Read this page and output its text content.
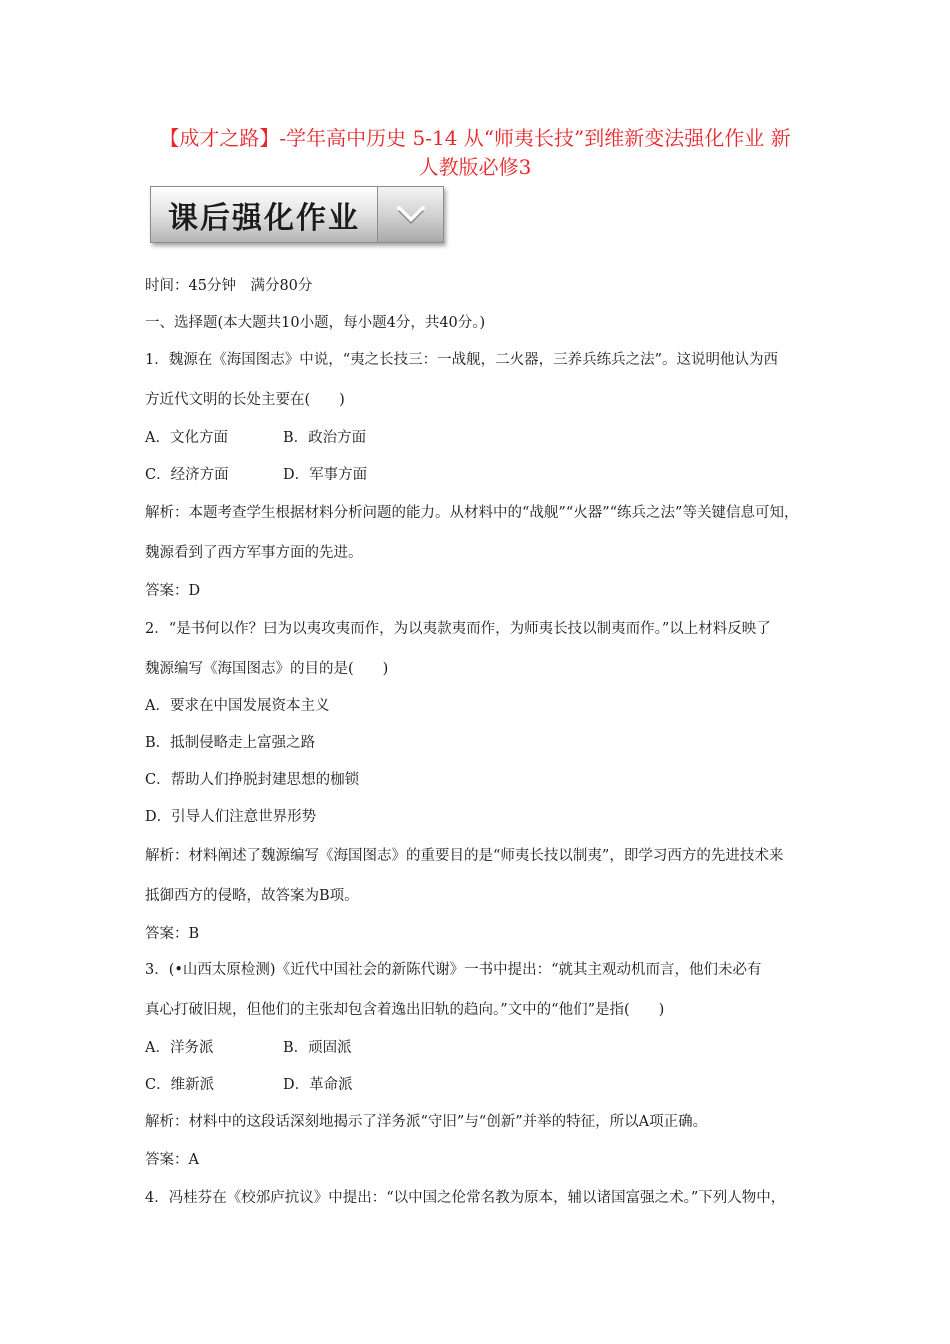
【成才之路】-学年高中历史 5-14 从“师夷长技”到维新变法强化作业 新
人教版必修3
课后强化作业
时间：45分钟　满分80分
一、选择题(本大题共10小题，每小题4分，共40分。)
1．魏源在《海国图志》中说，“夷之长技三：一战舰，二火器，三养兵练兵之法”。这说明他认为西
方近代文明的长处主要在(　　)
A．文化方面	B．政治方面
C．经济方面	D．军事方面
解析：本题考查学生根据材料分析问题的能力。从材料中的“战舰”“火器”“练兵之法”等关键信息可知，
魏源看到了西方军事方面的先进。
答案：D
2．“是书何以作？曰为以夷攻夷而作，为以夷款夷而作，为师夷长技以制夷而作。”以上材料反映了
魏源编写《海国图志》的目的是(　　)
A．要求在中国发展资本主义
B．抵制侵略走上富强之路
C．帮助人们挣脱封建思想的枷锁
D．引导人们注意世界形势
解析：材料阐述了魏源编写《海国图志》的重要目的是“师夷长技以制夷”，即学习西方的先进技术来
抵御西方的侵略，故答案为B项。
答案：B
3．(•山西太原检测)《近代中国社会的新陈代谢》一书中提出：“就其主观动机而言，他们未必有
真心打破旧规，但他们的主张却包含着逸出旧轨的趋向。”文中的“他们”是指(　　)
A．洋务派	B．顽固派
C．维新派	D．革命派
解析：材料中的这段话深刻地揭示了洋务派“守旧”与“创新”并举的特征，所以A项正确。
答案：A
4．冯桂芬在《校邠庐抗议》中提出：“以中国之伦常名教为原本，辅以诸国富强之术。”下列人物中，
